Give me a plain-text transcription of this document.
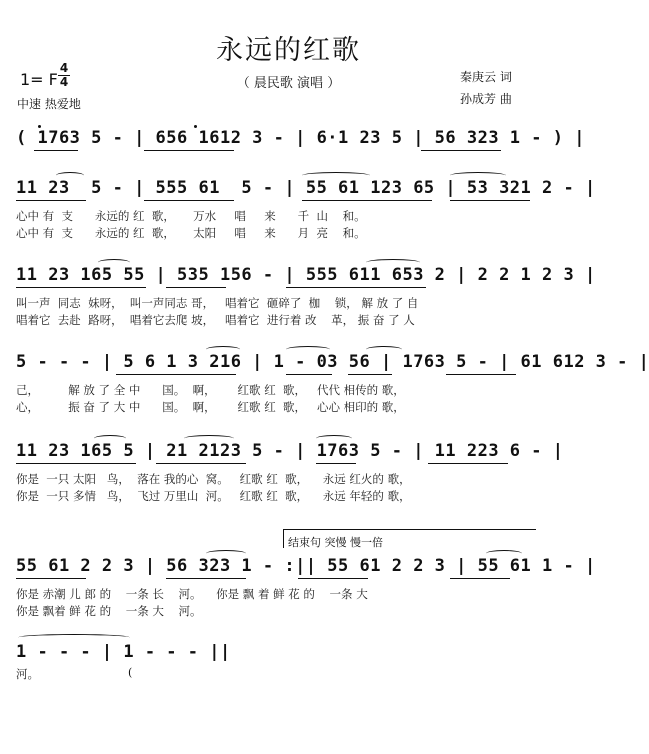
永远的红歌
（ 晨民歌 演唱 ）
1= F
4
4
中速 热爱地
秦庚云 词
孙成芳 曲
( 1763 5 - | 656 1612 3 - | 6·1 23 5 | 56 323 1 - ) |
11 23  5 - | 555 61  5 - | 55 61 123 65 | 53 321 2 - |
心中 有  支      永远的 红  歌，     万水     唱     来      千  山    和。
心中 有  支      永远的 红  歌，     太阳     唱     来      月  亮    和。
11 23 165 55 | 535 156 - | 555 611 653 2 | 2 2 1 2 3 |
叫一声  同志  妹呀，  叫一声同志 哥，   唱着它  砸碎了  枷    锁， 解 放 了 自
唱着它  去赴  路呀，  唱着它去爬 坡，   唱着它  进行着 改    革， 振 奋 了 人
5 - - - | 5 6 1 3 216 | 1 - 03 56 | 1763 5 - | 61 612 3 - |
己，        解 放 了 全 中      国。  啊，      红歌 红  歌，   代代 相传的 歌，
心，        振 奋 了 大 中      国。  啊，      红歌 红  歌，   心心 相印的 歌，
11 23 165 5 | 21 2123 5 - | 1763 5 - | 11 223 6 - |
你是  一只 太阳   鸟，  落在 我的心  窝。   红歌 红  歌，    永远 红火的 歌，
你是  一只 多情   鸟，  飞过 万里山  河。   红歌 红  歌，    永远 年轻的 歌，
结束句 突慢 慢一倍
55 61 2 2 3 | 56 323 1 - :|| 55 61 2 2 3 | 55 61 1 - |
你是 赤潮 儿 郎 的    一条 长    河。    你是 飘 着 鲜 花 的    一条 大
你是 飘着 鲜 花 的    一条 大    河。
1 - - - | 1 - - - ||
河。	(
